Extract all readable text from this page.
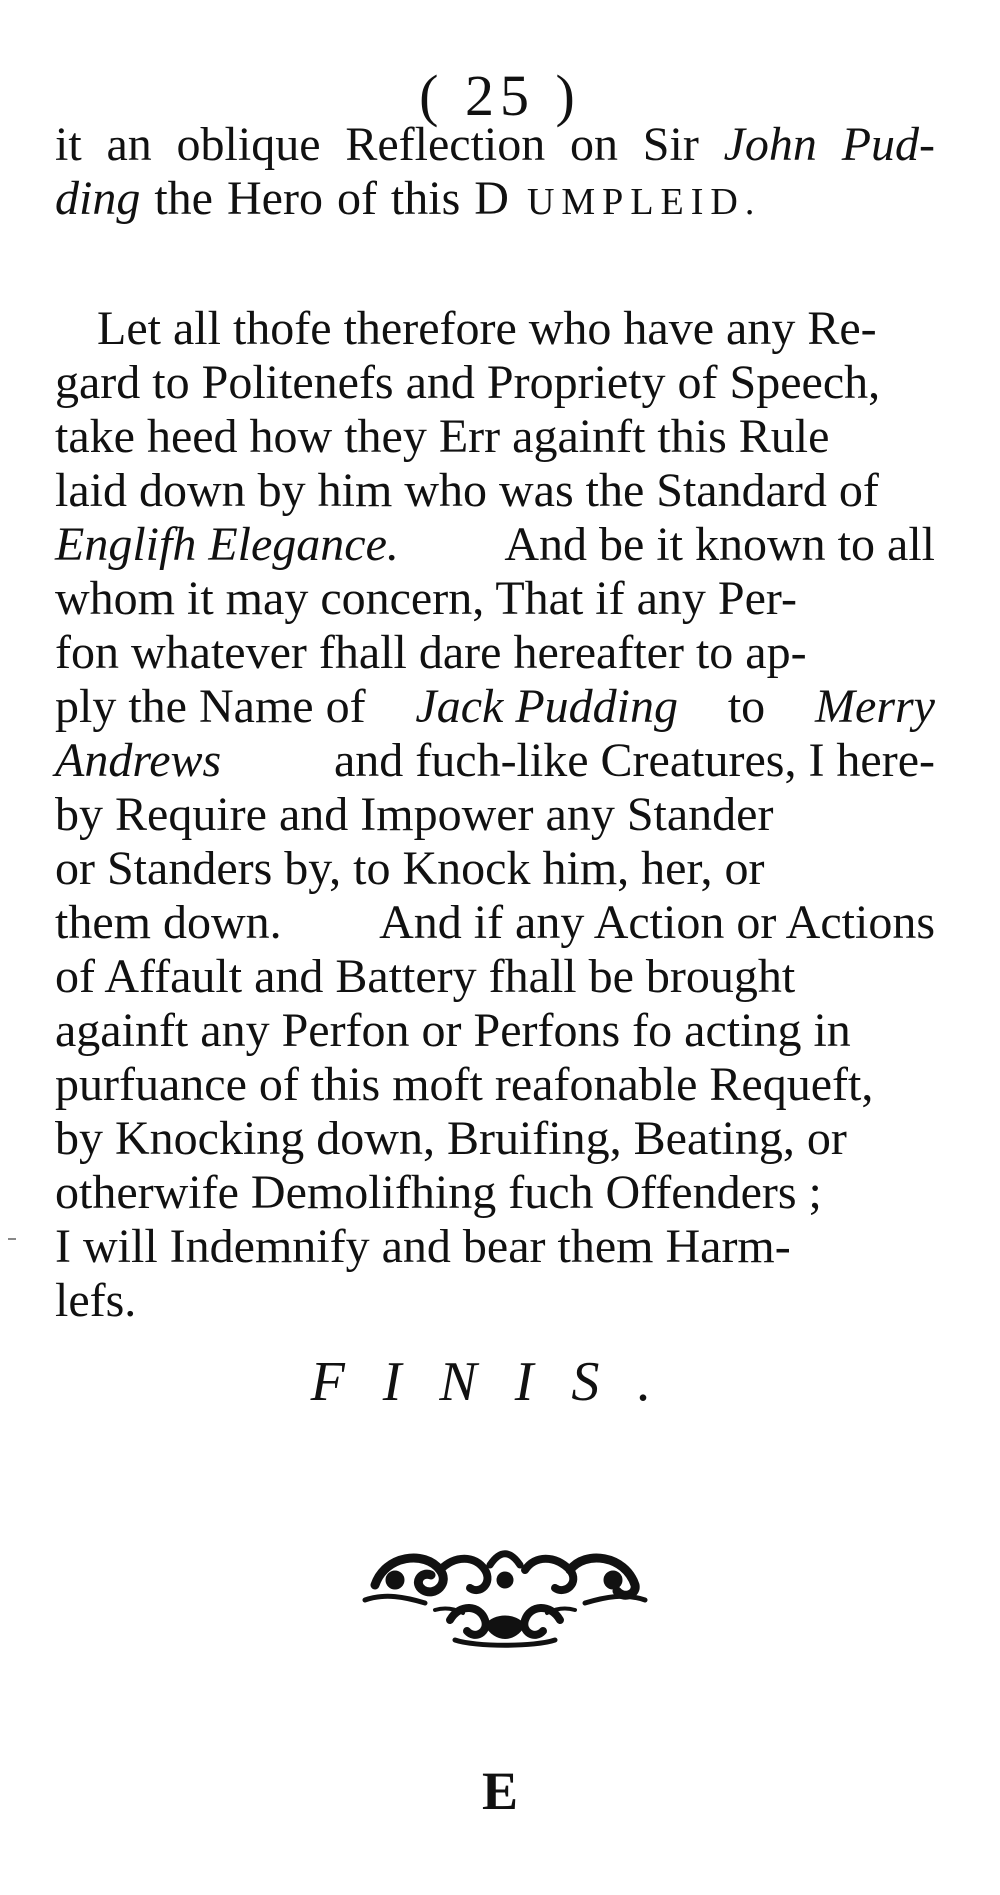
( 25 )
it an oblique Reflection on Sir John Pud-
ding the Hero of this D UMPLEID.
Let all thofe therefore who have any Re-
gard to Politenefs and Propriety of Speech,
take heed how they Err againft this Rule
laid down by him who was the Standard of
Englifh Elegance. And be it known to all
whom it may concern, That if any Per-
fon whatever fhall dare hereafter to ap-
ply the Name of Jack Pudding to Merry
Andrews and fuch-like Creatures, I here-
by Require and Impower any Stander
or Standers by, to Knock him, her, or
them down. And if any Action or Actions
of Affault and Battery fhall be brought
againft any Perfon or Perfons fo acting in
purfuance of this moft reafonable Requeft,
by Knocking down, Bruifing, Beating, or
otherwife Demolifhing fuch Offenders ;
I will Indemnify and bear them Harm-
lefs.
FINIS.
E
